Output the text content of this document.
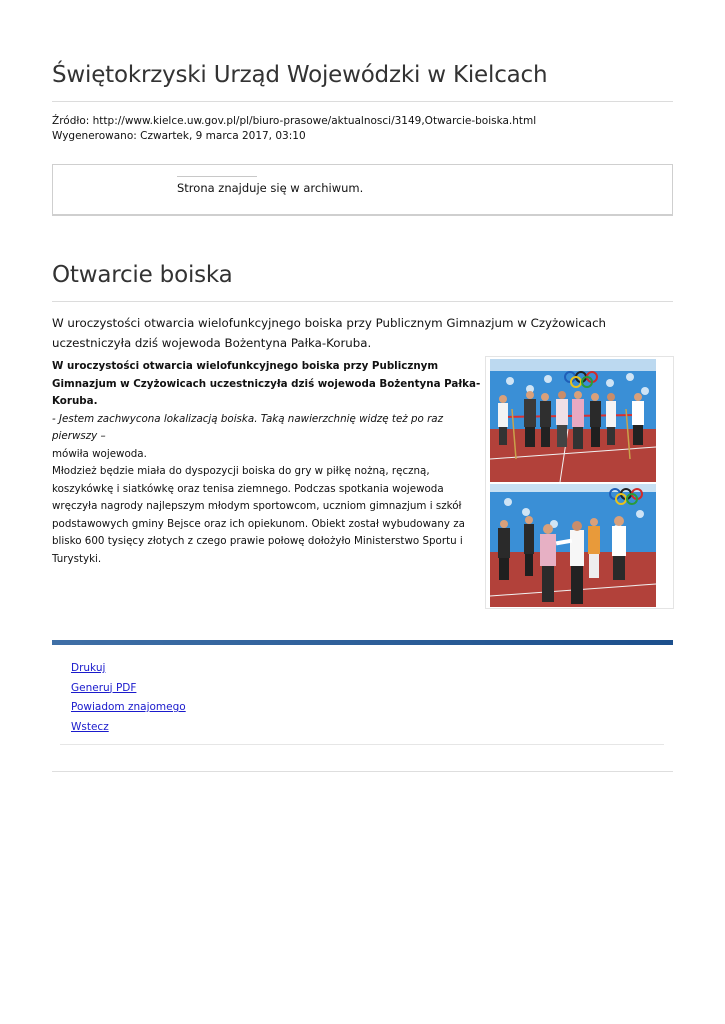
Świętokrzyski Urząd Wojewódzki w Kielcach
Źródło: http://www.kielce.uw.gov.pl/pl/biuro-prasowe/aktualnosci/3149,Otwarcie-boiska.html
Wygenerowano: Czwartek, 9 marca 2017, 03:10
Strona znajduje się w archiwum.
Otwarcie boiska
W uroczystości otwarcia wielofunkcyjnego boiska przy Publicznym Gimnazjum w Czyżowicach uczestniczyła dziś wojewoda Bożentyna Pałka-Koruba.

W uroczystości otwarcia wielofunkcyjnego boiska przy Publicznym Gimnazjum w Czyżowicach uczestniczyła dziś wojewoda Bożentyna Pałka-Koruba.

- Jestem zachwycona lokalizacją boiska. Taką nawierzchnię widzę też po raz pierwszy –

mówiła wojewoda.

Młodzież będzie miała do dyspozycji boiska do gry w piłkę nożną, ręczną, koszykówkę i siatkówkę oraz tenisa ziemnego. Podczas spotkania wojewoda wręczyła nagrody najlepszym młodym sportowcom, uczniom gimnazjum i szkół podstawowych gminy Bejsce oraz ich opiekunom. Obiekt został wybudowany za blisko 600 tysięcy złotych z czego prawie połowę dołożyło Ministerstwo Sportu i Turystyki.

Drukuj
Generuj PDF
Powiadom znajomego
Wstecz
